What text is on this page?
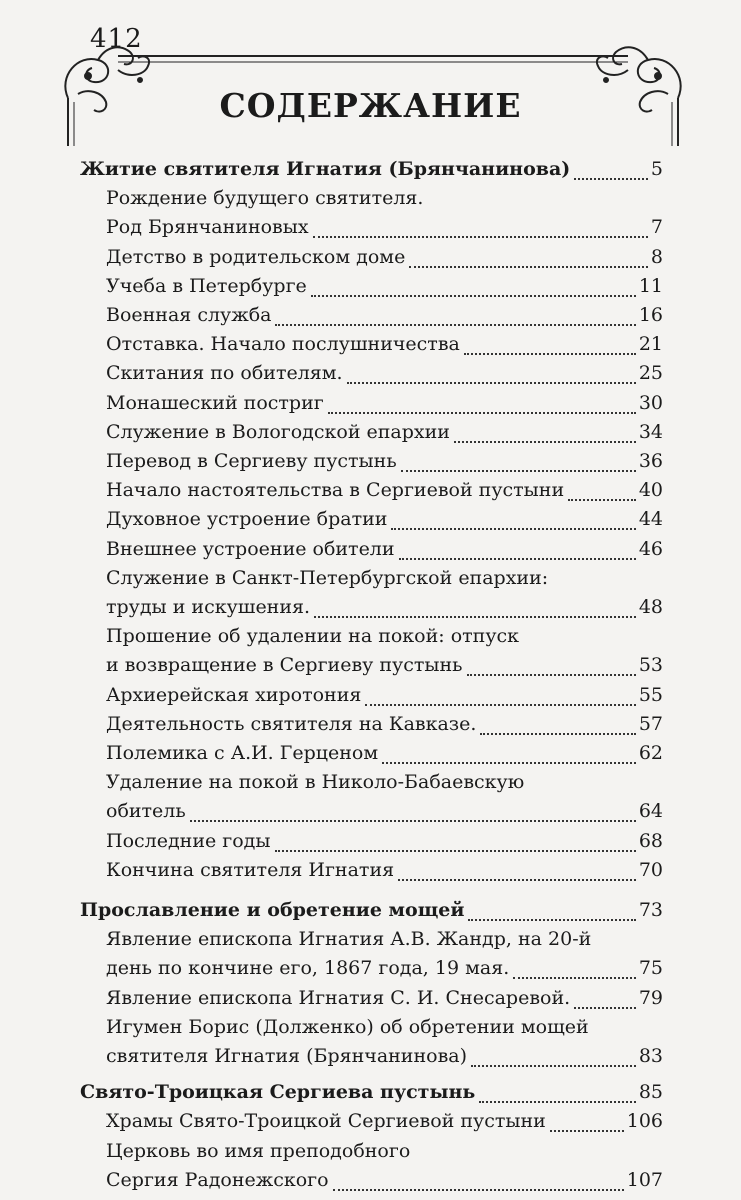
412
СОДЕРЖАНИЕ
Житие святителя Игнатия (Брянчанинова)	5
Рождение будущего святителя.
Род Брянчаниновых	7
Детство в родительском доме	8
Учеба в Петербурге	11
Военная служба	16
Отставка. Начало послушничества	21
Скитания по обителям.	25
Монашеский постриг	30
Служение в Вологодской епархии	34
Перевод в Сергиеву пустынь	36
Начало настоятельства в Сергиевой пустыни	40
Духовное устроение братии	44
Внешнее устроение обители	46
Служение в Санкт-Петербургской епархии:
труды и искушения.	48
Прошение об удалении на покой: отпуск
и возвращение в Сергиеву пустынь	53
Архиерейская хиротония	55
Деятельность святителя на Кавказе.	57
Полемика с А.И. Герценом	62
Удаление на покой в Николо-Бабаевскую
обитель	64
Последние годы	68
Кончина святителя Игнатия	70
Прославление и обретение мощей	73
Явление епископа Игнатия А.В. Жандр, на 20-й
день по кончине его, 1867 года, 19 мая.	75
Явление епископа Игнатия С. И. Снесаревой.	79
Игумен Борис (Долженко) об обретении мощей
святителя Игнатия (Брянчанинова)	83
Свято-Троицкая Сергиева пустынь	85
Храмы Свято-Троицкой Сергиевой пустыни	106
Церковь во имя преподобного
Сергия Радонежского	107
